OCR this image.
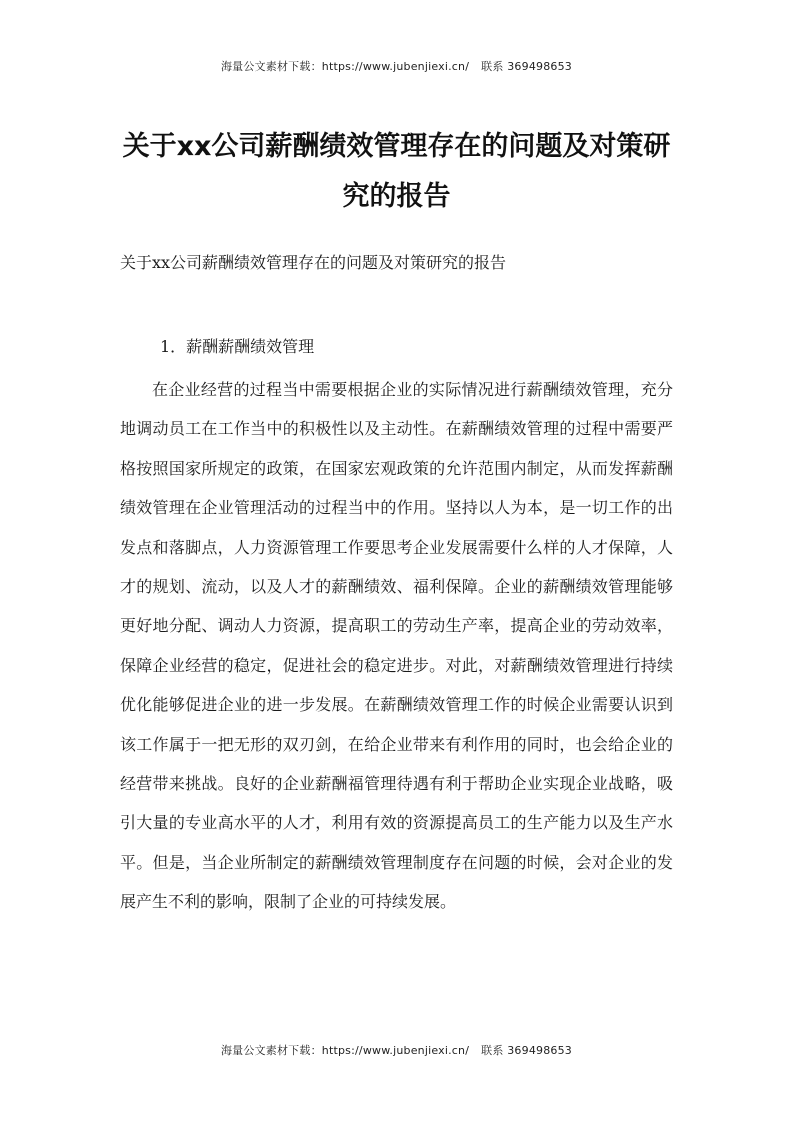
海量公文素材下载：https://www.jubenjiexi.cn/ 联系 369498653
关于xx公司薪酬绩效管理存在的问题及对策研究的报告
关于xx公司薪酬绩效管理存在的问题及对策研究的报告
1．薪酬薪酬绩效管理

在企业经营的过程当中需要根据企业的实际情况进行薪酬绩效管理，充分地调动员工在工作当中的积极性以及主动性。在薪酬绩效管理的过程中需要严格按照国家所规定的政策，在国家宏观政策的允许范围内制定，从而发挥薪酬绩效管理在企业管理活动的过程当中的作用。坚持以人为本，是一切工作的出发点和落脚点，人力资源管理工作要思考企业发展需要什么样的人才保障，人才的规划、流动，以及人才的薪酬绩效、福利保障。企业的薪酬绩效管理能够更好地分配、调动人力资源，提高职工的劳动生产率，提高企业的劳动效率，保障企业经营的稳定，促进社会的稳定进步。对此，对薪酬绩效管理进行持续优化能够促进企业的进一步发展。在薪酬绩效管理工作的时候企业需要认识到该工作属于一把无形的双刃剑，在给企业带来有利作用的同时，也会给企业的经营带来挑战。良好的企业薪酬福管理待遇有利于帮助企业实现企业战略，吸引大量的专业高水平的人才，利用有效的资源提高员工的生产能力以及生产水平。但是，当企业所制定的薪酬绩效管理制度存在问题的时候，会对企业的发展产生不利的影响，限制了企业的可持续发展。

海量公文素材下载：https://www.jubenjiexi.cn/ 联系 369498653
